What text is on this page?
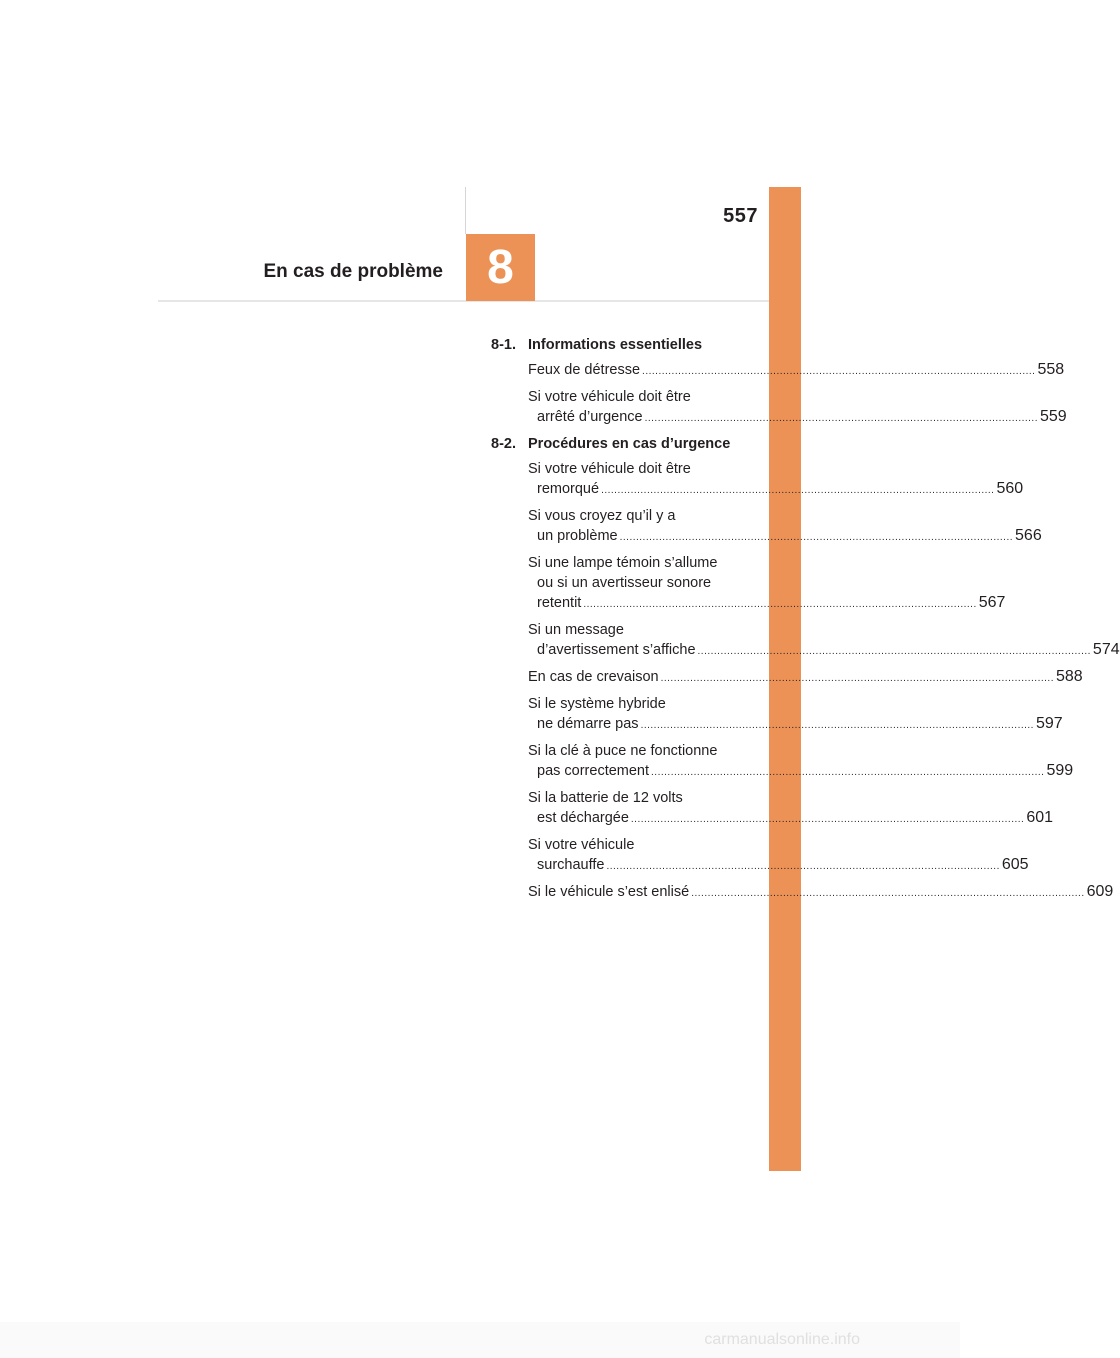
557
En cas de problème 8
8-1. Informations essentielles
Feux de détresse ........................................................................................................................ 558
Si votre véhicule doit être
arrêté d’urgence ........................................................................................................................ 559
8-2. Procédures en cas d’urgence
Si votre véhicule doit être
remorqué ........................................................................................................................ 560
Si vous croyez qu’il y a
un problème ........................................................................................................................ 566
Si une lampe témoin s’allume
ou si un avertisseur sonore
retentit ........................................................................................................................ 567
Si un message
d’avertissement s’affiche ........................................................................................................................ 574
En cas de crevaison ........................................................................................................................ 588
Si le système hybride
ne démarre pas ........................................................................................................................ 597
Si la clé à puce ne fonctionne
pas correctement ........................................................................................................................ 599
Si la batterie de 12 volts
est déchargée ........................................................................................................................ 601
Si votre véhicule
surchauffe ........................................................................................................................ 605
Si le véhicule s’est enlisé ........................................................................................................................ 609
carmanualsonline.info
